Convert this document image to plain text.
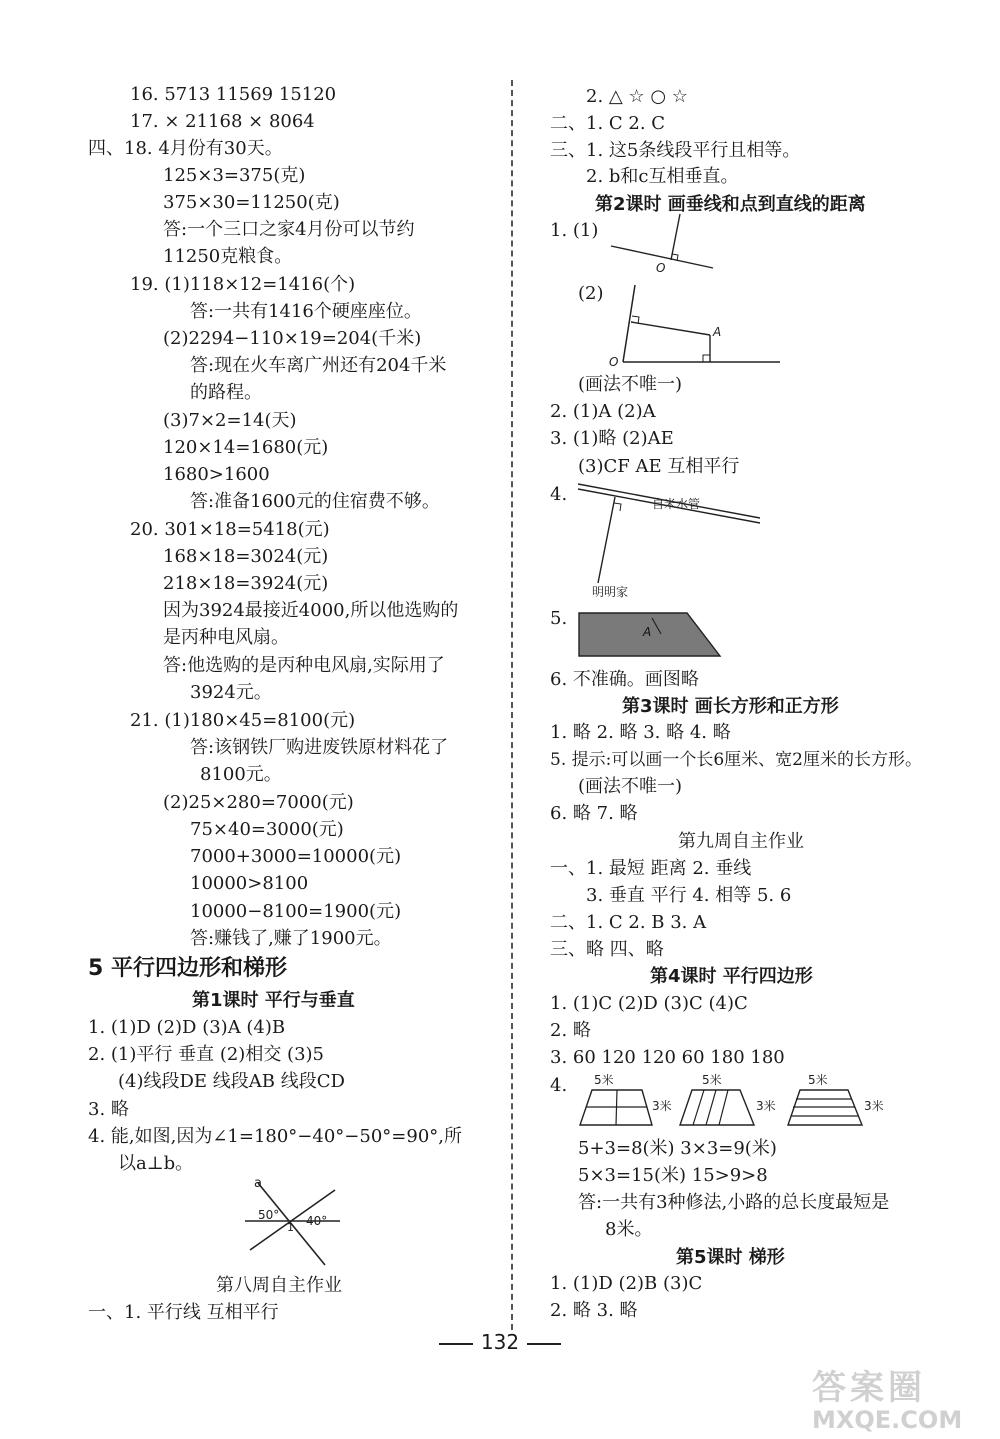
16. 5713 11569 15120
17. × 21168 × 8064
四、18. 4月份有30天。
125×3=375(克)
375×30=11250(克)
答:一个三口之家4月份可以节约
11250克粮食。
19. (1)118×12=1416(个)
答:一共有1416个硬座座位。
(2)2294−110×19=204(千米)
答:现在火车离广州还有204千米
的路程。
(3)7×2=14(天)
120×14=1680(元)
1680>1600
答:准备1600元的住宿费不够。
20. 301×18=5418(元)
168×18=3024(元)
218×18=3924(元)
因为3924最接近4000,所以他选购的
是丙种电风扇。
答:他选购的是丙种电风扇,实际用了
3924元。
21. (1)180×45=8100(元)
答:该钢铁厂购进废铁原材料花了
8100元。
(2)25×280=7000(元)
75×40=3000(元)
7000+3000=10000(元)
10000>8100
10000−8100=1900(元)
答:赚钱了,赚了1900元。
5 平行四边形和梯形
第1课时 平行与垂直
1. (1)D (2)D (3)A (4)B
2. (1)平行 垂直 (2)相交 (3)5
(4)线段DE 线段AB 线段CD
3. 略
4. 能,如图,因为∠1=180°−40°−50°=90°,所
以a⊥b。
a
50°
1 40°
第八周自主作业
一、1. 平行线 互相平行
2. △ ☆ ○ ☆
二、1. C 2. C
三、1. 这5条线段平行且相等。
2. b和c互相垂直。
第2课时 画垂线和点到直线的距离
1. (1)
O
(2)
A
O
(画法不唯一)
2. (1)A (2)A
3. (1)略 (2)AE
(3)CF AE 互相平行
4.	自米水管
明明家
5.
A
6. 不准确。画图略
第3课时 画长方形和正方形
1. 略 2. 略 3. 略 4. 略
5. 提示:可以画一个长6厘米、宽2厘米的长方形。
(画法不唯一)
6. 略 7. 略
第九周自主作业
一、1. 最短 距离 2. 垂线
3. 垂直 平行 4. 相等 5. 6
二、1. C 2. B 3. A
三、略 四、略
第4课时 平行四边形
1. (1)C (2)D (3)C (4)C
2. 略
3. 60 120 120 60 180 180
4. 5米
3米
5米
3米
5米
3米
5+3=8(米) 3×3=9(米)
5×3=15(米) 15>9>8
答:一共有3种修法,小路的总长度最短是
8米。
第5课时 梯形
1. (1)D (2)B (3)C
2. 略 3. 略
132
答案圈
MXQE.COM
